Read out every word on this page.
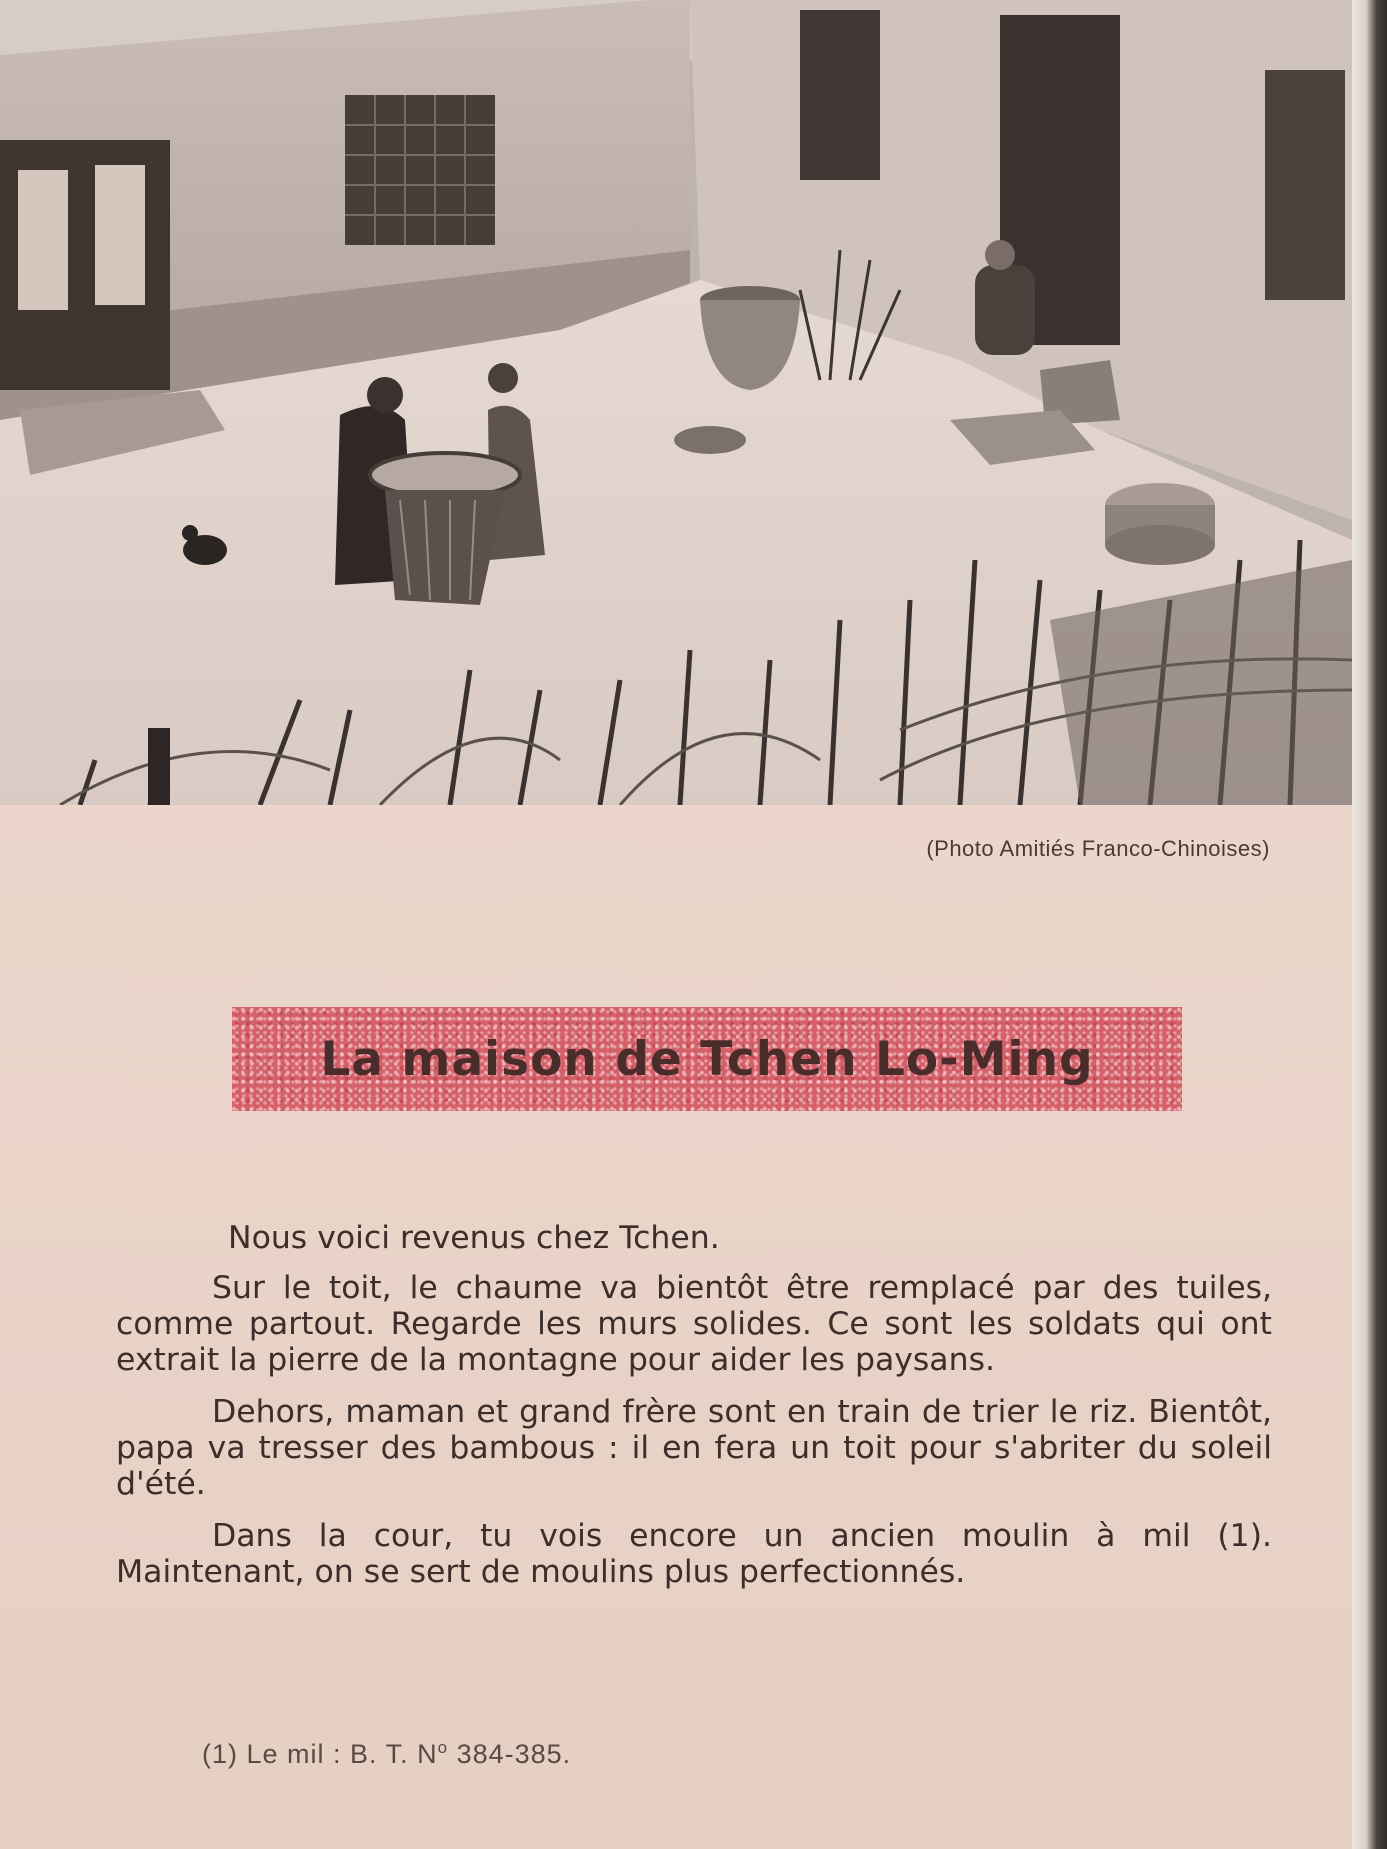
(Photo Amitiés Franco-Chinoises)
La maison de Tchen Lo-Ming

Nous voici revenus chez Tchen.

Sur le toit, le chaume va bientôt être remplacé par des tuiles, comme partout. Regarde les murs solides. Ce sont les soldats qui ont extrait la pierre de la montagne pour aider les paysans.

Dehors, maman et grand frère sont en train de trier le riz. Bientôt, papa va tresser des bambous : il en fera un toit pour s'abriter du soleil d'été.

Dans la cour, tu vois encore un ancien moulin à mil (1). Maintenant, on se sert de moulins plus perfectionnés.

(1) Le mil : B. T. $N^o$ 384-385.
